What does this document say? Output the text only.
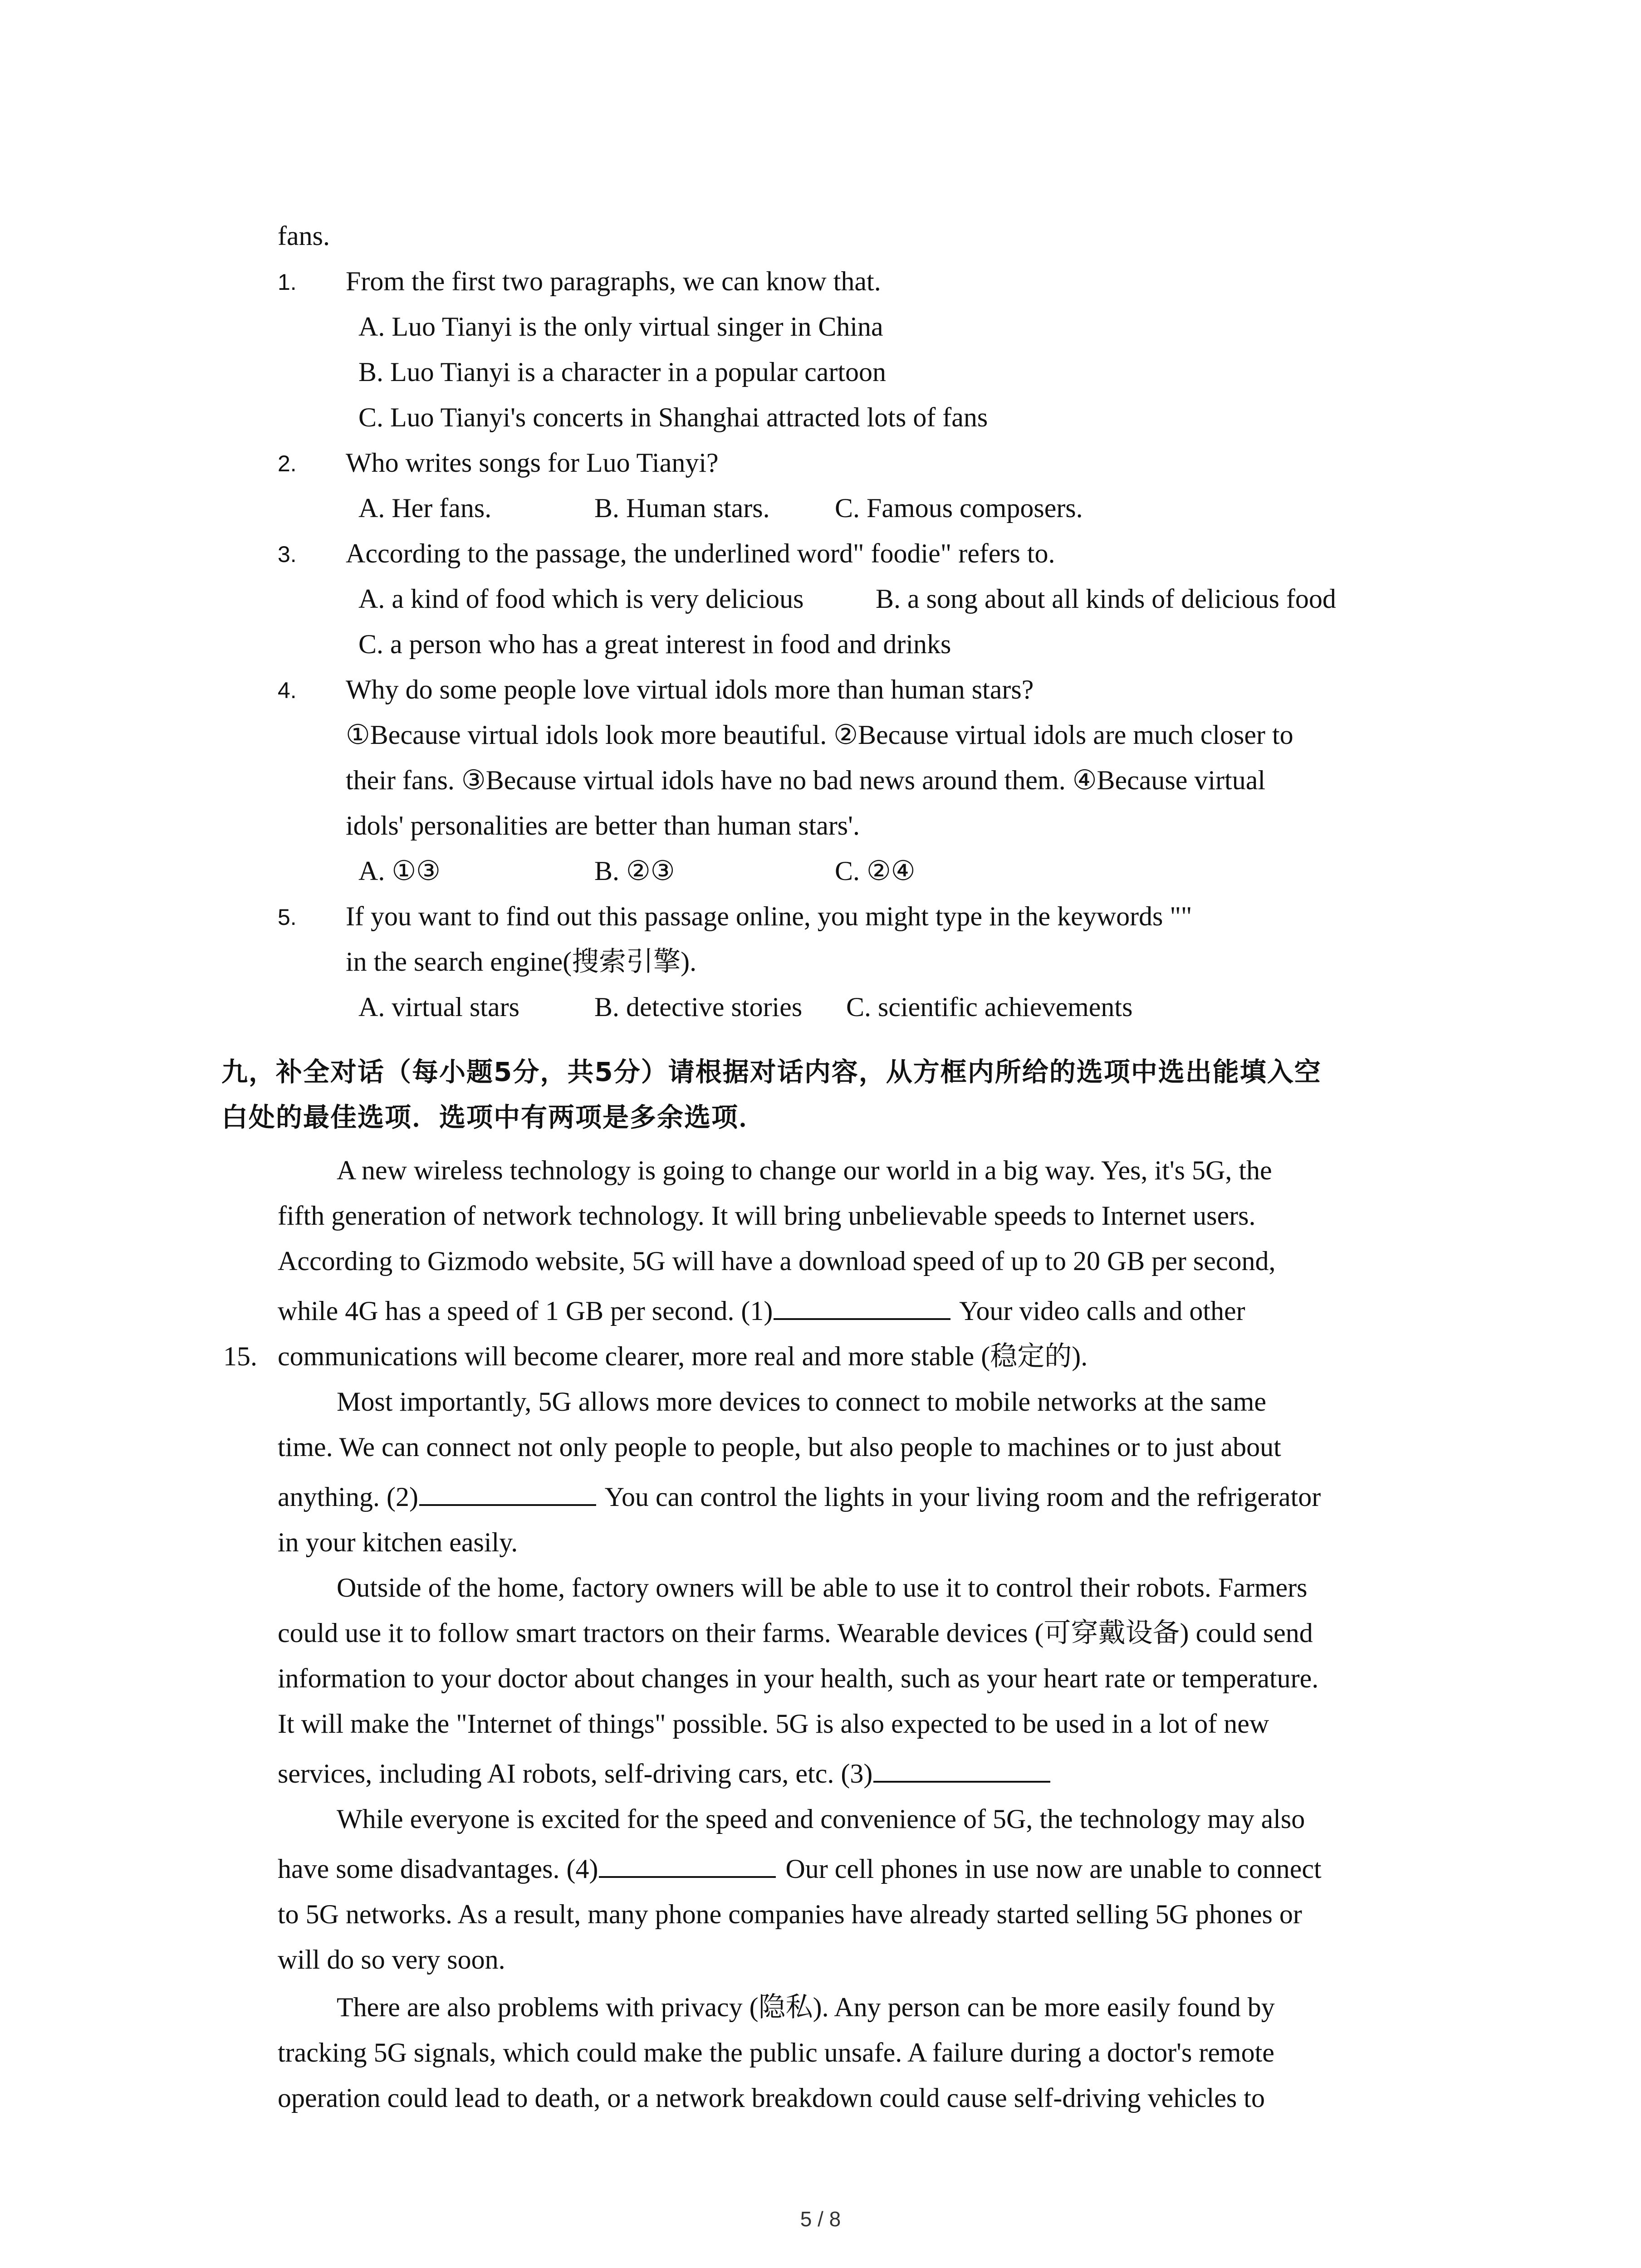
fans.
1. From the first two paragraphs, we can know that.
A. Luo Tianyi is the only virtual singer in China
B. Luo Tianyi is a character in a popular cartoon
C. Luo Tianyi's concerts in Shanghai attracted lots of fans
2. Who writes songs for Luo Tianyi?
A. Her fans.	B. Human stars. C. Famous composers.
3. According to the passage, the underlined word" foodie" refers to.
A. a kind of food which is very delicious	B. a song about all kinds of delicious food
C. a person who has a great interest in food and drinks
4. Why do some people love virtual idols more than human stars?
①Because virtual idols look more beautiful. ②Because virtual idols are much closer to
their fans. ③Because virtual idols have no bad news around them. ④Because virtual
idols' personalities are better than human stars'.
A. ①③	B. ②③	C. ②④
5. If you want to find out this passage online, you might type in the keywords ""
in the search engine(搜索引擎).
A. virtual stars	B. detective stories C. scientific achievements
九，补全对话（每小题5分，共5分）请根据对话内容，从方框内所给的选项中选出能填入空
白处的最佳选项．选项中有两项是多余选项．
A new wireless technology is going to change our world in a big way. Yes, it's 5G, the
fifth generation of network technology. It will bring unbelievable speeds to Internet users.
According to Gizmodo website, 5G will have a download speed of up to 20 GB per second,
while 4G has a speed of 1 GB per second. (1)	Your video calls and other
15. communications will become clearer, more real and more stable (稳定的).
Most importantly, 5G allows more devices to connect to mobile networks at the same
time. We can connect not only people to people, but also people to machines or to just about
anything. (2)	You can control the lights in your living room and the refrigerator
in your kitchen easily.
Outside of the home, factory owners will be able to use it to control their robots. Farmers
could use it to follow smart tractors on their farms. Wearable devices (可穿戴设备) could send
information to your doctor about changes in your health, such as your heart rate or temperature.
It will make the "Internet of things" possible. 5G is also expected to be used in a lot of new
services, including AI robots, self-driving cars, etc. (3)
While everyone is excited for the speed and convenience of 5G, the technology may also
have some disadvantages. (4)	Our cell phones in use now are unable to connect
to 5G networks. As a result, many phone companies have already started selling 5G phones or
will do so very soon.
There are also problems with privacy (隐私). Any person can be more easily found by
tracking 5G signals, which could make the public unsafe. A failure during a doctor's remote
operation could lead to death, or a network breakdown could cause self-driving vehicles to
5 / 8
